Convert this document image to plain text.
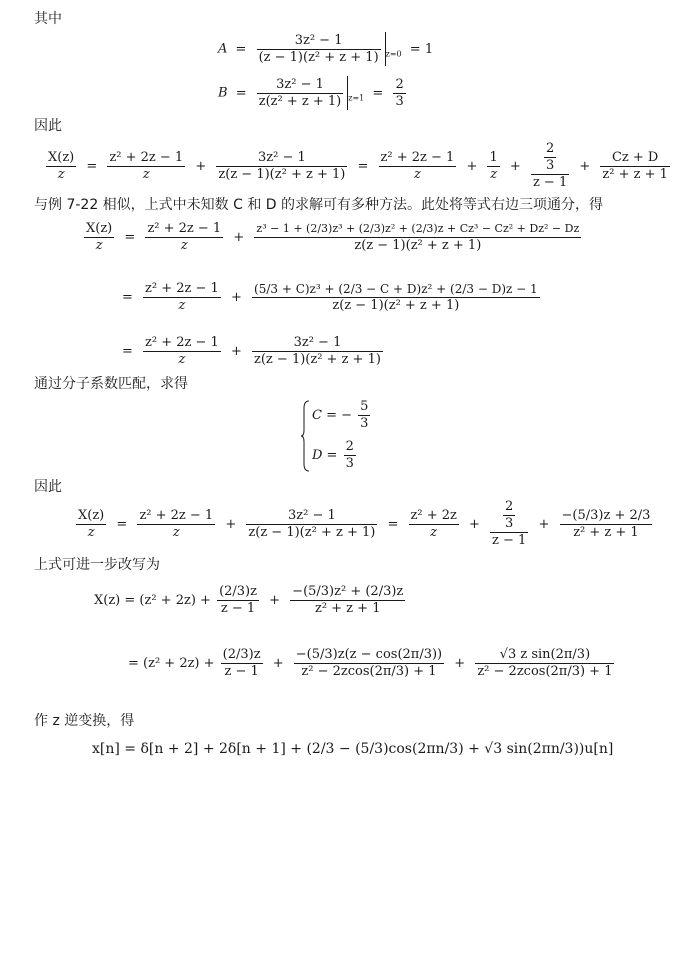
其中
$A = \frac{\text{3z² − 1}}{\text{(z − 1)(z² + z + 1)}} _{z=0} = 1$
$B = \frac{\text{3z² − 1}}{\text{z(z² + z + 1)}} _{z=1} = \frac{2}{3}$
因此
$\frac{X(z)}{z} = \frac{\text{z² + 2z − 1}}{z} + \frac{\text{3z² − 1}}{\text{z(z − 1)(z² + z + 1)}} = \frac{\text{z² + 2z − 1}}{z} + \frac{1}{z} + \frac{\frac{2}{3}}{z - 1} + \frac{Cz + D}{\text{z² + z + 1}}$
与例 7-22 相似，上式中未知数 C 和 D 的求解可有多种方法。此处将等式右边三项通分，得
$\frac{X(z)}{z} = \frac{\text{z² + 2z − 1}}{z} + \frac{\text{z³ − 1 + (2/3)z³ + (2/3)z² + (2/3)z + Cz³ − Cz² + Dz² − Dz}}{\text{z(z − 1)(z² + z + 1)}}$
= $\frac{\text{z² + 2z − 1}}{z} + \frac{\text{(5/3 + C)z³ + (2/3 − C + D)z² + (2/3 − D)z − 1}}{\text{z(z − 1)(z² + z + 1)}}$
= $\frac{\text{z² + 2z − 1}}{z} + \frac{\text{3z² − 1}}{\text{z(z − 1)(z² + z + 1)}}$
通过分子系数匹配，求得
C = − $\frac{5}{3}$
$D = \frac{2}{3}$
因此
$\frac{X(z)}{z} = \frac{\text{z² + 2z − 1}}{z} + \frac{\text{3z² − 1}}{\text{z(z − 1)(z² + z + 1)}} = \frac{\text{z² + 2z}}{z} + \frac{\frac{2}{3}}{z - 1} + \frac{-(5/3)z + 2/3}{\text{z² + z + 1}}$
上式可进一步改写为
$X(z) = (z^2 + 2z) + \frac{(2/3)z}{z - 1} + \frac{\text{−(5/3)z² + (2/3)z}}{\text{z² + z + 1}}$
= $(z^2 + 2z) + \frac{(2/3)z}{z - 1} + \frac{-(5/3)z(z - \cos(2\pi/3))}{\text{z² − 2zcos(2π/3) + 1}} + \frac{\text{√3 z sin(2π/3)}}{\text{z² − 2zcos(2π/3) + 1}}$
作 z 逆变换，得
x[n] = δ[n + 2] + 2δ[n + 1] + (2/3 − (5/3)cos(2πn/3) + √3 sin(2πn/3))u[n]
